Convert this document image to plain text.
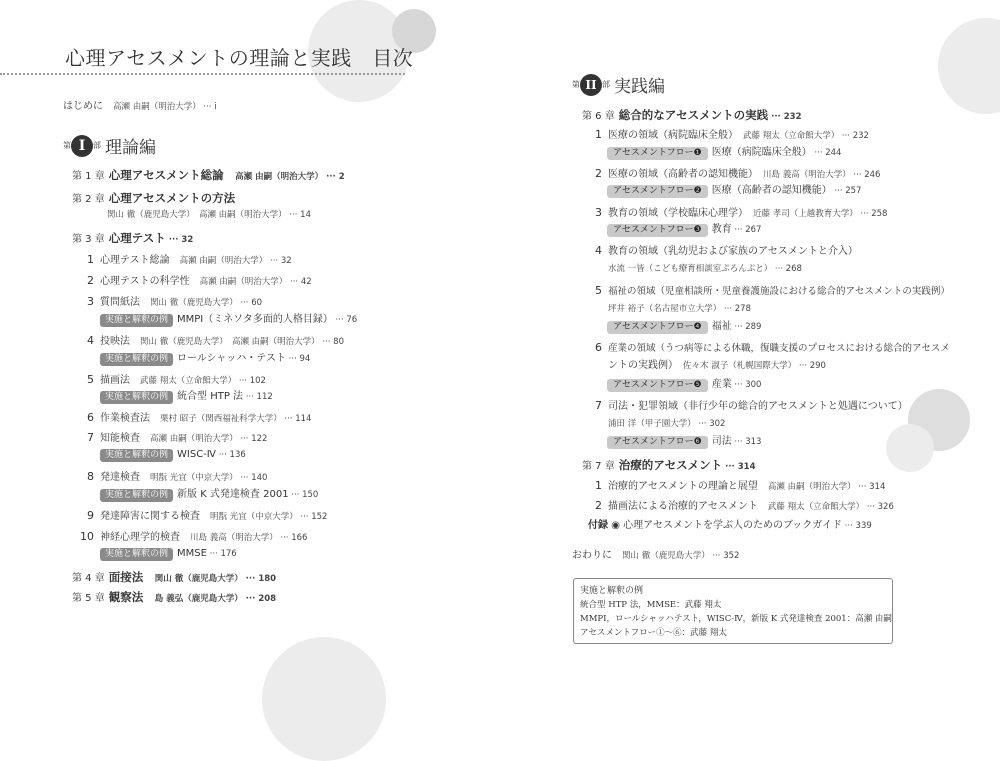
心理アセスメントの理論と実践　目次
はじめに　 高瀬 由嗣（明治大学） ··· i
第 I 部 理論編
第 1 章 心理アセスメント総論　 高瀬 由嗣（明治大学） ··· 2
第 2 章 心理アセスメントの方法
関山 徹（鹿児島大学）　高瀬 由嗣（明治大学） ··· 14
第 3 章 心理テスト ··· 32
1 心理テスト総論　 高瀬 由嗣（明治大学） ··· 32
2 心理テストの科学性　 高瀬 由嗣（明治大学） ··· 42
3 質問紙法　 関山 徹（鹿児島大学） ··· 60
実施と解釈の例 MMPI（ミネソタ多面的人格目録） ··· 76
4 投映法　 関山 徹（鹿児島大学）　高瀬 由嗣（明治大学） ··· 80
実施と解釈の例 ロールシャッハ・テスト ··· 94
5 描画法　 武藤 翔太（立命館大学） ··· 102
実施と解釈の例 統合型 HTP 法 ··· 112
6 作業検査法　 栗村 昭子（関西福祉科学大学） ··· 114
7 知能検査　 高瀬 由嗣（明治大学） ··· 122
実施と解釈の例 WISC-Ⅳ ··· 136
8 発達検査　 明翫 光宜（中京大学） ··· 140
実施と解釈の例 新版 K 式発達検査 2001 ··· 150
9 発達障害に関する検査　 明翫 光宜（中京大学） ··· 152
10 神経心理学的検査　 川島 義高（明治大学） ··· 166
実施と解釈の例 MMSE ··· 176
第 4 章 面接法　 関山 徹（鹿児島大学） ··· 180
第 5 章 観察法　 島 義弘（鹿児島大学） ··· 208
第 II 部 実践編
第 6 章 総合的なアセスメントの実践 ··· 232
1 医療の領域（病院臨床全般）　 武藤 翔太（立命館大学） ··· 232
アセスメントフロー❶ 医療（病院臨床全般） ··· 244
2 医療の領域（高齢者の認知機能）　 川島 義高（明治大学） ··· 246
アセスメントフロー❷ 医療（高齢者の認知機能） ··· 257
3 教育の領域（学校臨床心理学）　 近藤 孝司（上越教育大学） ··· 258
アセスメントフロー❸ 教育 ··· 267
4 教育の領域（乳幼児および家族のアセスメントと介入）
水流 一皆（こども療育相談室ぷろんぷと） ··· 268
5 福祉の領域（児童相談所・児童養護施設における総合的アセスメントの実践例）
坪井 裕子（名古屋市立大学） ··· 278
アセスメントフロー❹ 福祉 ··· 289
6 産業の領域（うつ病等による休職，復職支援のプロセスにおける総合的アセスメ
ントの実践例）　 佐々木 淑子（札幌国際大学） ··· 290
アセスメントフロー❺ 産業 ··· 300
7 司法・犯罪領域（非行少年の総合的アセスメントと処遇について）
浦田 洋（甲子園大学） ··· 302
アセスメントフロー❻ 司法 ··· 313
第 7 章 治療的アセスメント ··· 314
1 治療的アセスメントの理論と展望　 高瀬 由嗣（明治大学） ··· 314
2 描画法による治療的アセスメント　 武藤 翔太（立命館大学） ··· 326
付録 ◉ 心理アセスメントを学ぶ人のためのブックガイド ··· 339
おわりに　 関山 徹（鹿児島大学） ··· 352
実施と解釈の例
統合型 HTP 法，MMSE：武藤 翔太
MMPI，ロールシャッハテスト，WISC-Ⅳ，新版 K 式発達検査 2001：高瀬 由嗣
アセスメントフロー①〜⑥：武藤 翔太
